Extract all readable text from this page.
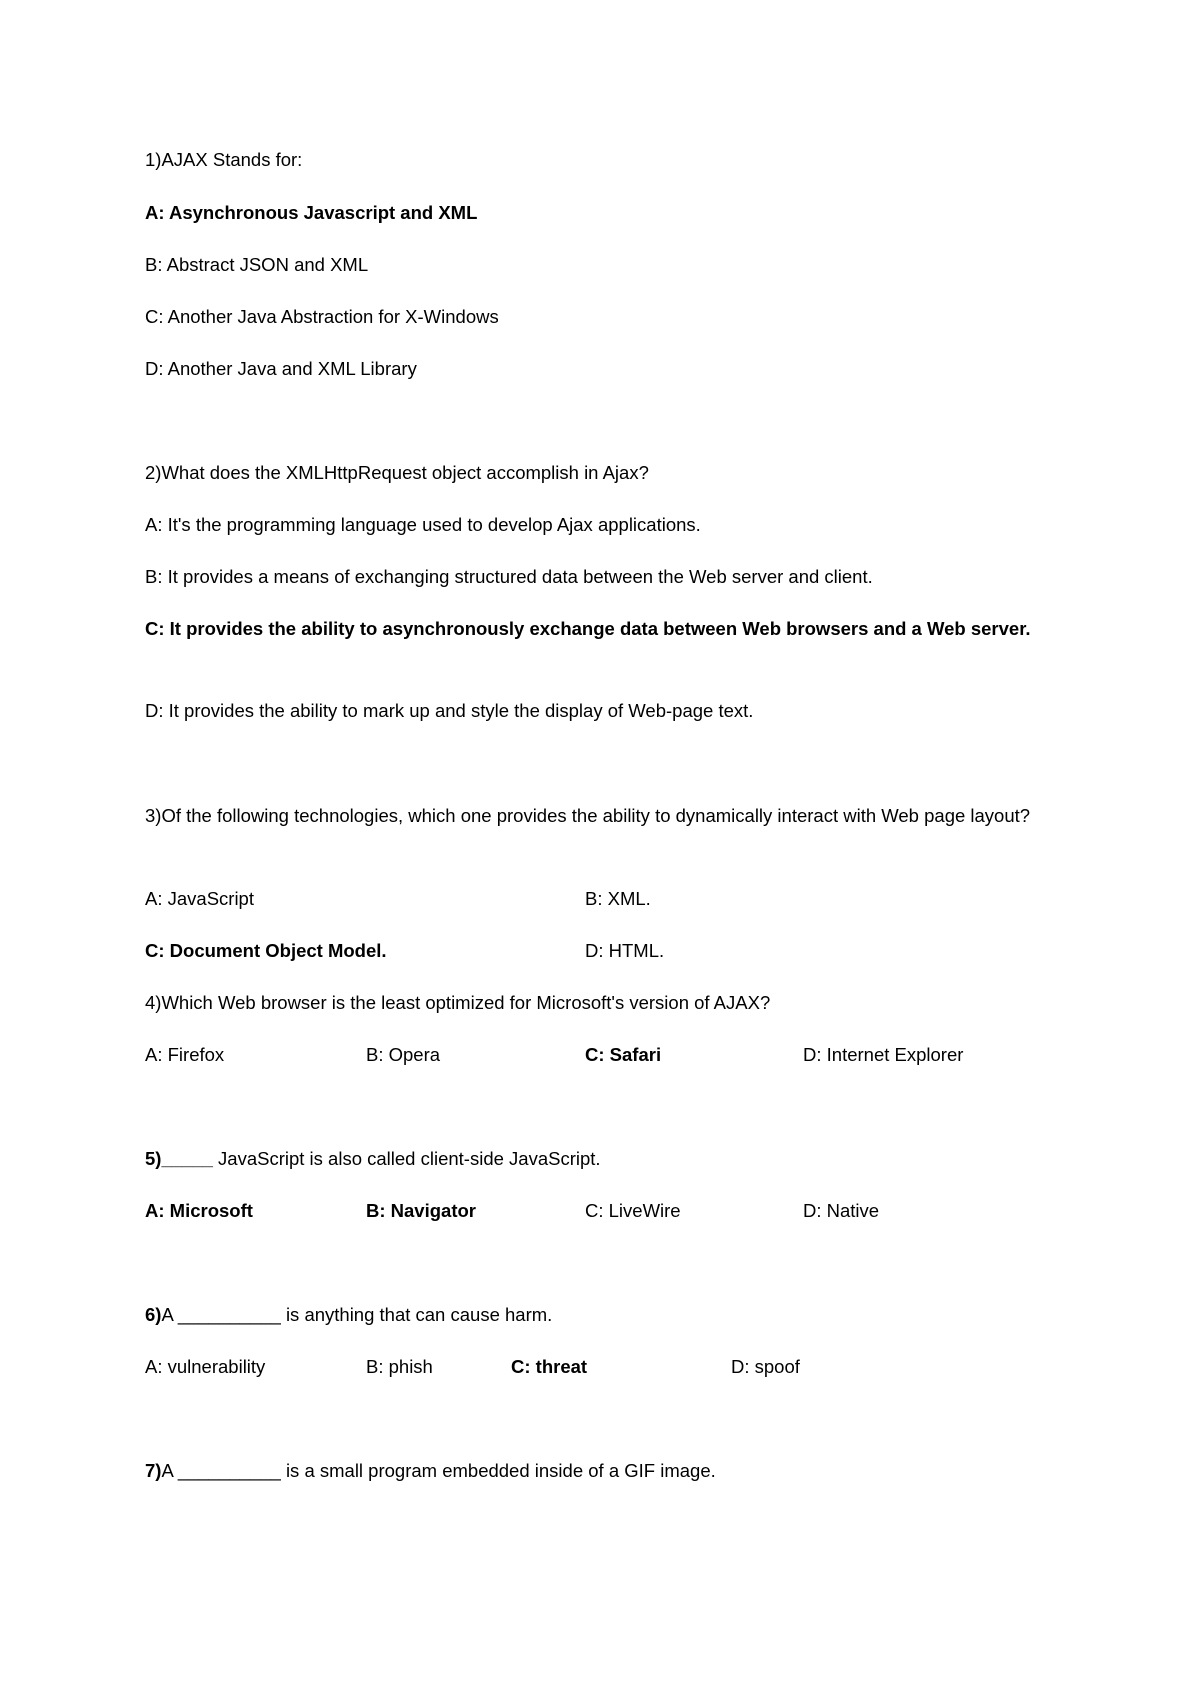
1)AJAX Stands for:
A: Asynchronous Javascript and XML
B: Abstract JSON and XML
C: Another Java Abstraction for X-Windows
D: Another Java and XML Library
2)What does the XMLHttpRequest object accomplish in Ajax?
A: It's the programming language used to develop Ajax applications.
B: It provides a means of exchanging structured data between the Web server and client.
C: It provides the ability to asynchronously exchange data between Web browsers and a Web server.
D: It provides the ability to mark up and style the display of Web-page text.
3)Of the following technologies, which one provides the ability to dynamically interact with Web page layout?
A: JavaScript	B: XML.
C: Document Object Model.	D: HTML.
4)Which Web browser is the least optimized for Microsoft's version of AJAX?
A: Firefox	B: Opera	C: Safari	D: Internet Explorer
5)_____ JavaScript is also called client-side JavaScript.
A: Microsoft	B: Navigator	C: LiveWire	D: Native
6)A __________ is anything that can cause harm.
A: vulnerability	B: phish	C: threat	D: spoof
7)A __________ is a small program embedded inside of a GIF image.
